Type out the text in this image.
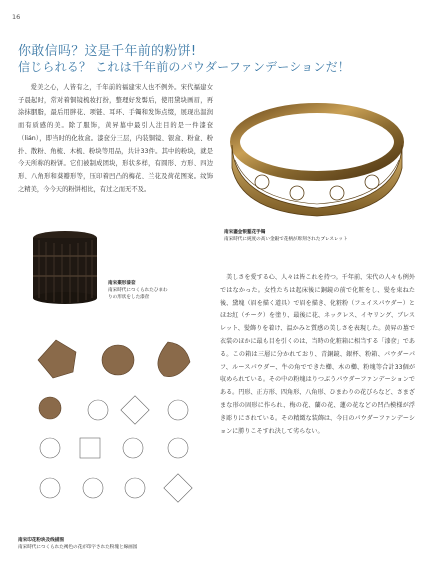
16
你敢信吗？这是千年前的粉饼!
信じられる？ これは千年前のパウダーファンデーションだ！

爱美之心，人皆有之，千年前的福建宋人也不例外。宋代福建女子晨起时，常对着铜镜梳妆打扮，整理好发髻后，使用黛块画眉，再涂抹胭脂，最后用胖花、项链、耳环、手镯和发饰点缀，展现出温润而有质感的美。除了服饰，黄昇墓中最引人注目的是一件漆奁（lián），即当时的化妆盒。漆奁分三层，内装铜镜、银盒、粉盒、粉扑、散粉、角梳、木梳、粉块等用品，共计33件。其中的粉块，就是今天所称的粉饼。它们被制成团块，形状多样，有圆形、方形、四边形、八角形和葵瓣形等，压印着凹凸的梅花、兰花及荷花图案。纹饰之精美，今今天的粉饼相比，有过之而无不及。

南宋鎏金银錾花手镯
南宋時代に純度の高い金銀で花柄が彫刻されたブレスレット
南宋棗形漆奁
南宋時代につくられたひまわりの形状をした漆奁
南宋印花粉块及线描图
南宋時代につくられた褐色の花が印字された粉塊と線画図

美しさを愛する心、人々は皆これを持つ。千年前、宋代の人々も例外ではなかった。女性たちは起床後に銅鏡の前で化粧をし、髪を束ねた後、黛塊（眉を描く道具）で眉を描き、化粧粉（フェイスパウダー）とほお紅（チーク）を塗り、最後に花、ネックレス、イヤリング、ブレスレット、髪飾りを着け、温かみと質感の美しさを表現した。黄昇の墓で衣装のほかに最も目を引くのは、当時の化粧箱に相当する「漆奁」である。この箱は三層に分かれており、青銅鏡、銀杯、粉箱、パウダーパフ、ルースパウダー、牛の角でできた櫛、木の櫛、粉塊等合計33個が収められている。その中の粉塊はりつぶうパウダーファンデーションである。円形、正方形、四角形、八角形、ひまわりの花びらなど、さまざまな形の固形に作られ、梅の花、蘭の花、蓮の花などの凹凸模様が浮き彫りにされている。その精緻な装飾は、今日のパウダーファンデーションに勝りこそすれ決して劣らない。
